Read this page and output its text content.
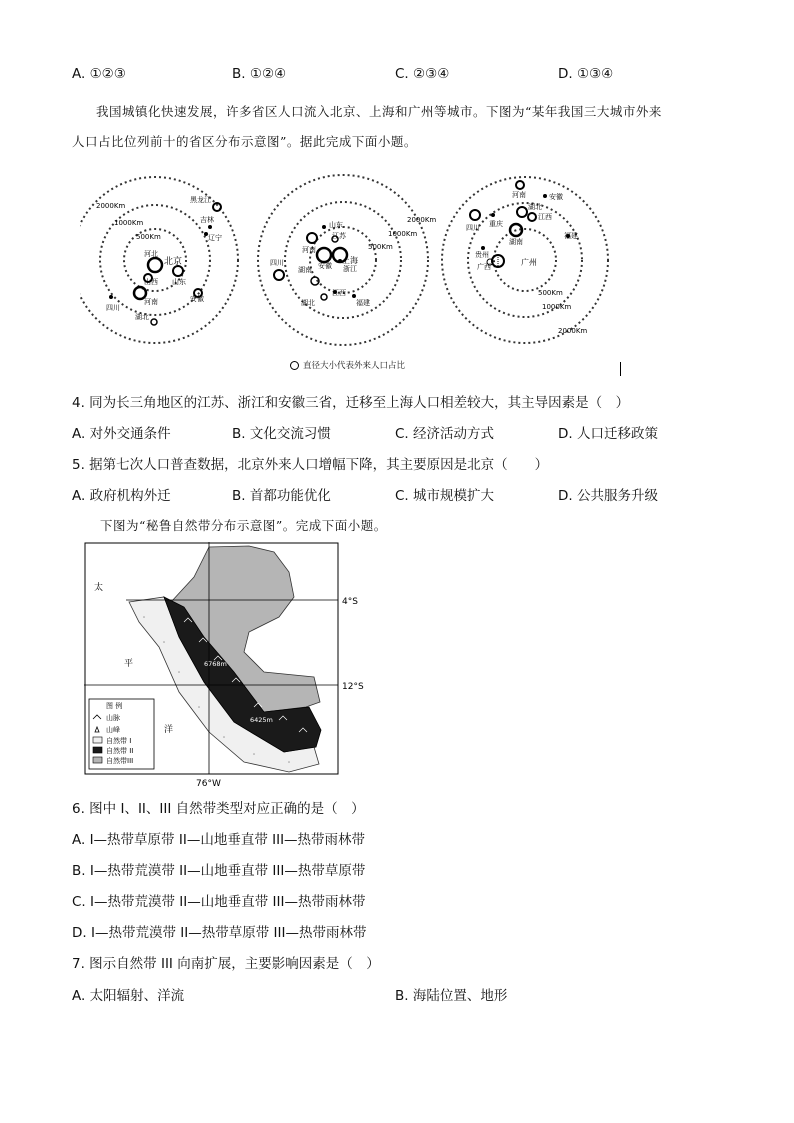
A. ①②③	B. ①②④	C. ②③④	D. ①③④
我国城镇化快速发展，许多省区人口流入北京、上海和广州等城市。下图为“某年我国三大城市外来
人口占比位列前十的省区分布示意图”。据此完成下面小题。
2000Km
1000Km
500Km
北京
黑龙江
吉林
辽宁
河北
山西 山东
安徽
河南
四川
湖北
2000Km
1000Km
500Km
上海
山东
江苏
河南
安徽 浙江
四川
湖北
江西
湖南
福建
500Km
1000Km
2000Km
广州
河南	安徽
湖北
江西
四川 重庆
湖南
福建
广西
贵州
直径大小代表外来人口占比
4. 同为长三角地区的江苏、浙江和安徽三省，迁移至上海人口相差较大，其主导因素是（　）
A. 对外交通条件	B. 文化交流习惯	C. 经济活动方式	D. 人口迁移政策
5. 据第七次人口普查数据，北京外来人口增幅下降，其主要原因是北京（　　）
A. 政府机构外迁	B. 首都功能优化	C. 城市规模扩大	D. 公共服务升级
下图为“秘鲁自然带分布示意图”。完成下面小题。
4°S
12°S
76°W
太
平
洋
6768m
6425m
图 例
山脉
山峰
自然带 I
自然带 II
自然带III
6. 图中 I、II、III 自然带类型对应正确的是（　）
A. I—热带草原带 II—山地垂直带 III—热带雨林带
B. I—热带荒漠带 II—山地垂直带 III—热带草原带
C. I—热带荒漠带 II—山地垂直带 III—热带雨林带
D. I—热带荒漠带 II—热带草原带 III—热带雨林带
7. 图示自然带 III 向南扩展，主要影响因素是（　）
A. 太阳辐射、洋流	B. 海陆位置、地形
